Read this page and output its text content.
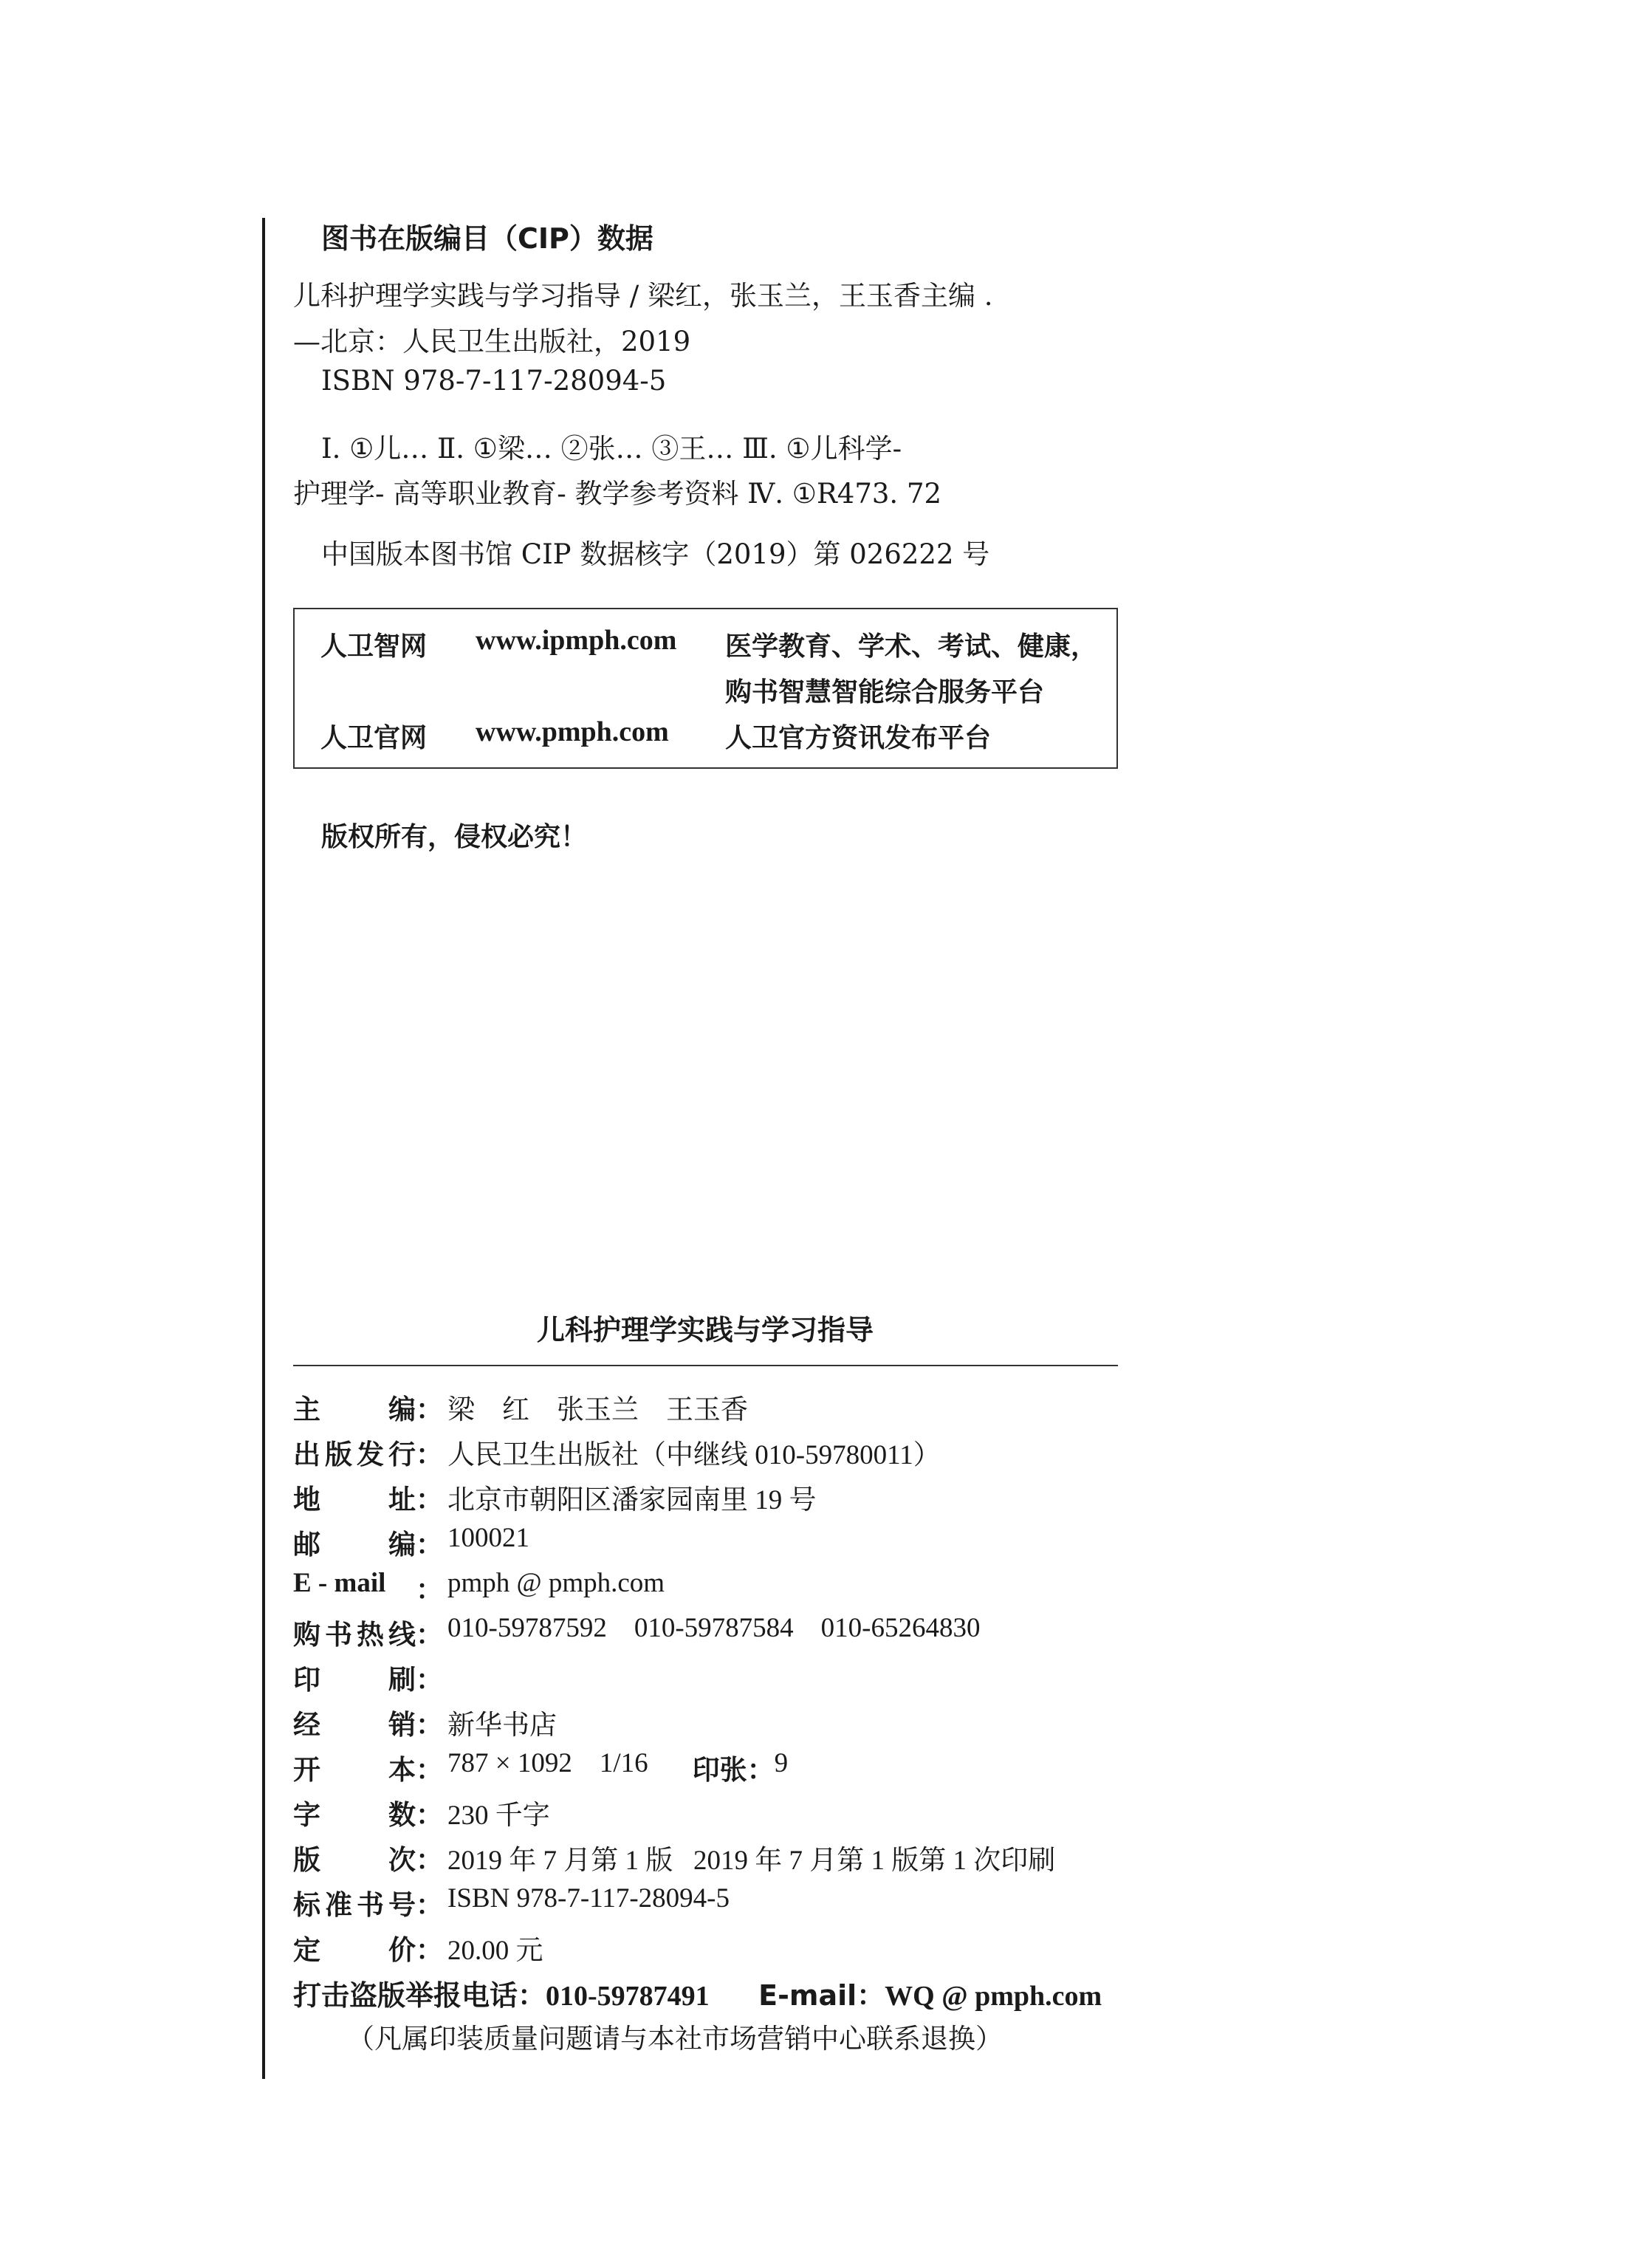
图书在版编目（CIP）数据
儿科护理学实践与学习指导 / 梁红，张玉兰，王玉香主编 .
—北京：人民卫生出版社，2019
ISBN 978-7-117-28094-5
Ⅰ. ①儿… Ⅱ. ①梁… ②张… ③王… Ⅲ. ①儿科学-
护理学- 高等职业教育- 教学参考资料 Ⅳ. ①R473. 72
中国版本图书馆 CIP 数据核字（2019）第 026222 号
人卫智网 www.ipmph.com 医学教育、学术、考试、健康，
购书智慧智能综合服务平台
人卫官网 www.pmph.com 人卫官方资讯发布平台
版权所有，侵权必究！
儿科护理学实践与学习指导
主 编 ： 梁　红　张玉兰　王玉香
出 版 发 行 ： 人民卫生出版社（中继线 010-59780011）
地 址 ： 北京市朝阳区潘家园南里 19 号
邮 编 ： 100021
E - mail	： pmph @ pmph.com
购 书 热 线 ： 010-59787592    010-59787584    010-65264830
印 刷 ：
经 销 ： 新华书店
开 本 ： 787 × 1092    1/16 印张： 9
字 数 ： 230 千字
版 次 ： 2019 年 7 月第 1 版   2019 年 7 月第 1 版第 1 次印刷
标 准 书 号 ： ISBN 978-7-117-28094-5
定 价 ： 20.00 元
打击盗版举报电话：010-59787491 E-mail：WQ @ pmph.com
（凡属印装质量问题请与本社市场营销中心联系退换）
